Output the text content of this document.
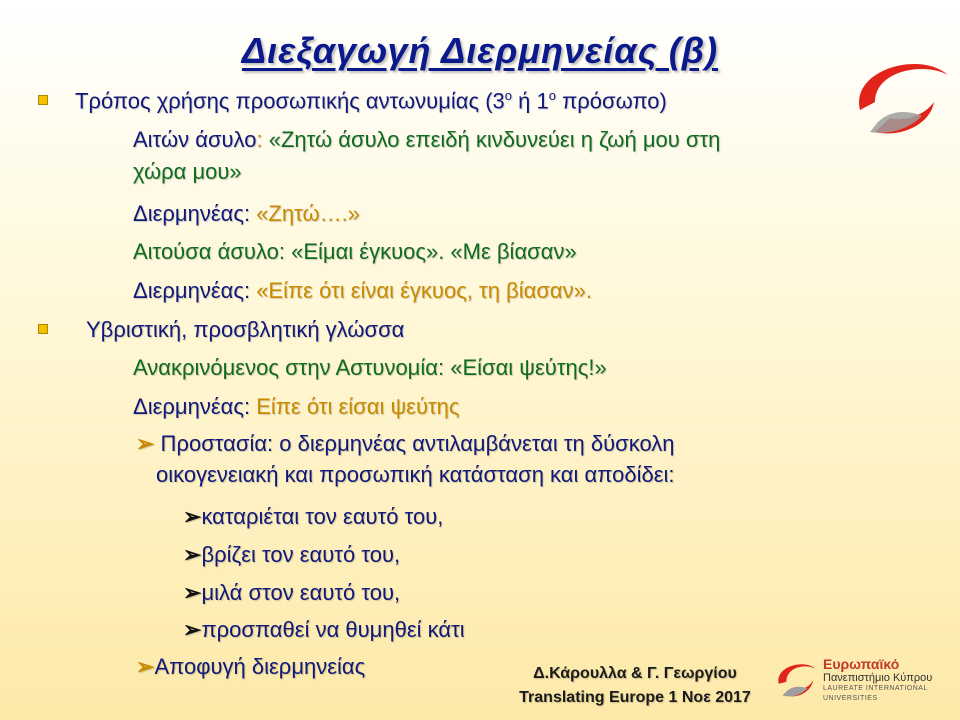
Διεξαγωγή Διερμηνείας (β)
Τρόπος χρήσης προσωπικής αντωνυμίας ($3^o$ ή $1^o$ πρόσωπο)
Αιτών άσυλο: «Ζητώ άσυλο επειδή κινδυνεύει η ζωή μου στη
χώρα μου»
Διερμηνέας: «Ζητώ….»
Αιτούσα άσυλο: «Είμαι έγκυος». «Με βίασαν»
Διερμηνέας: «Είπε ότι είναι έγκυος, τη βίασαν».
Υβριστική, προσβλητική γλώσσα
Ανακρινόμενος στην Αστυνομία: «Είσαι ψεύτης!»
Διερμηνέας: Είπε ότι είσαι ψεύτης
➢ Προστασία: ο διερμηνέας αντιλαμβάνεται τη δύσκολη
οικογενειακή και προσωπική κατάσταση και αποδίδει:
➢καταριέται τον εαυτό του,
➢βρίζει τον εαυτό του,
➢μιλά στον εαυτό του,
➢προσπαθεί να θυμηθεί κάτι
➢Αποφυγή διερμηνείας	Δ.Κάρουλλα & Γ. Γεωργίου
Translating Europe 1 Νοε 2017
Ευρωπαϊκό
Πανεπιστήμιο Κύπρου
LAUREATE INTERNATIONAL UNIVERSITIES
